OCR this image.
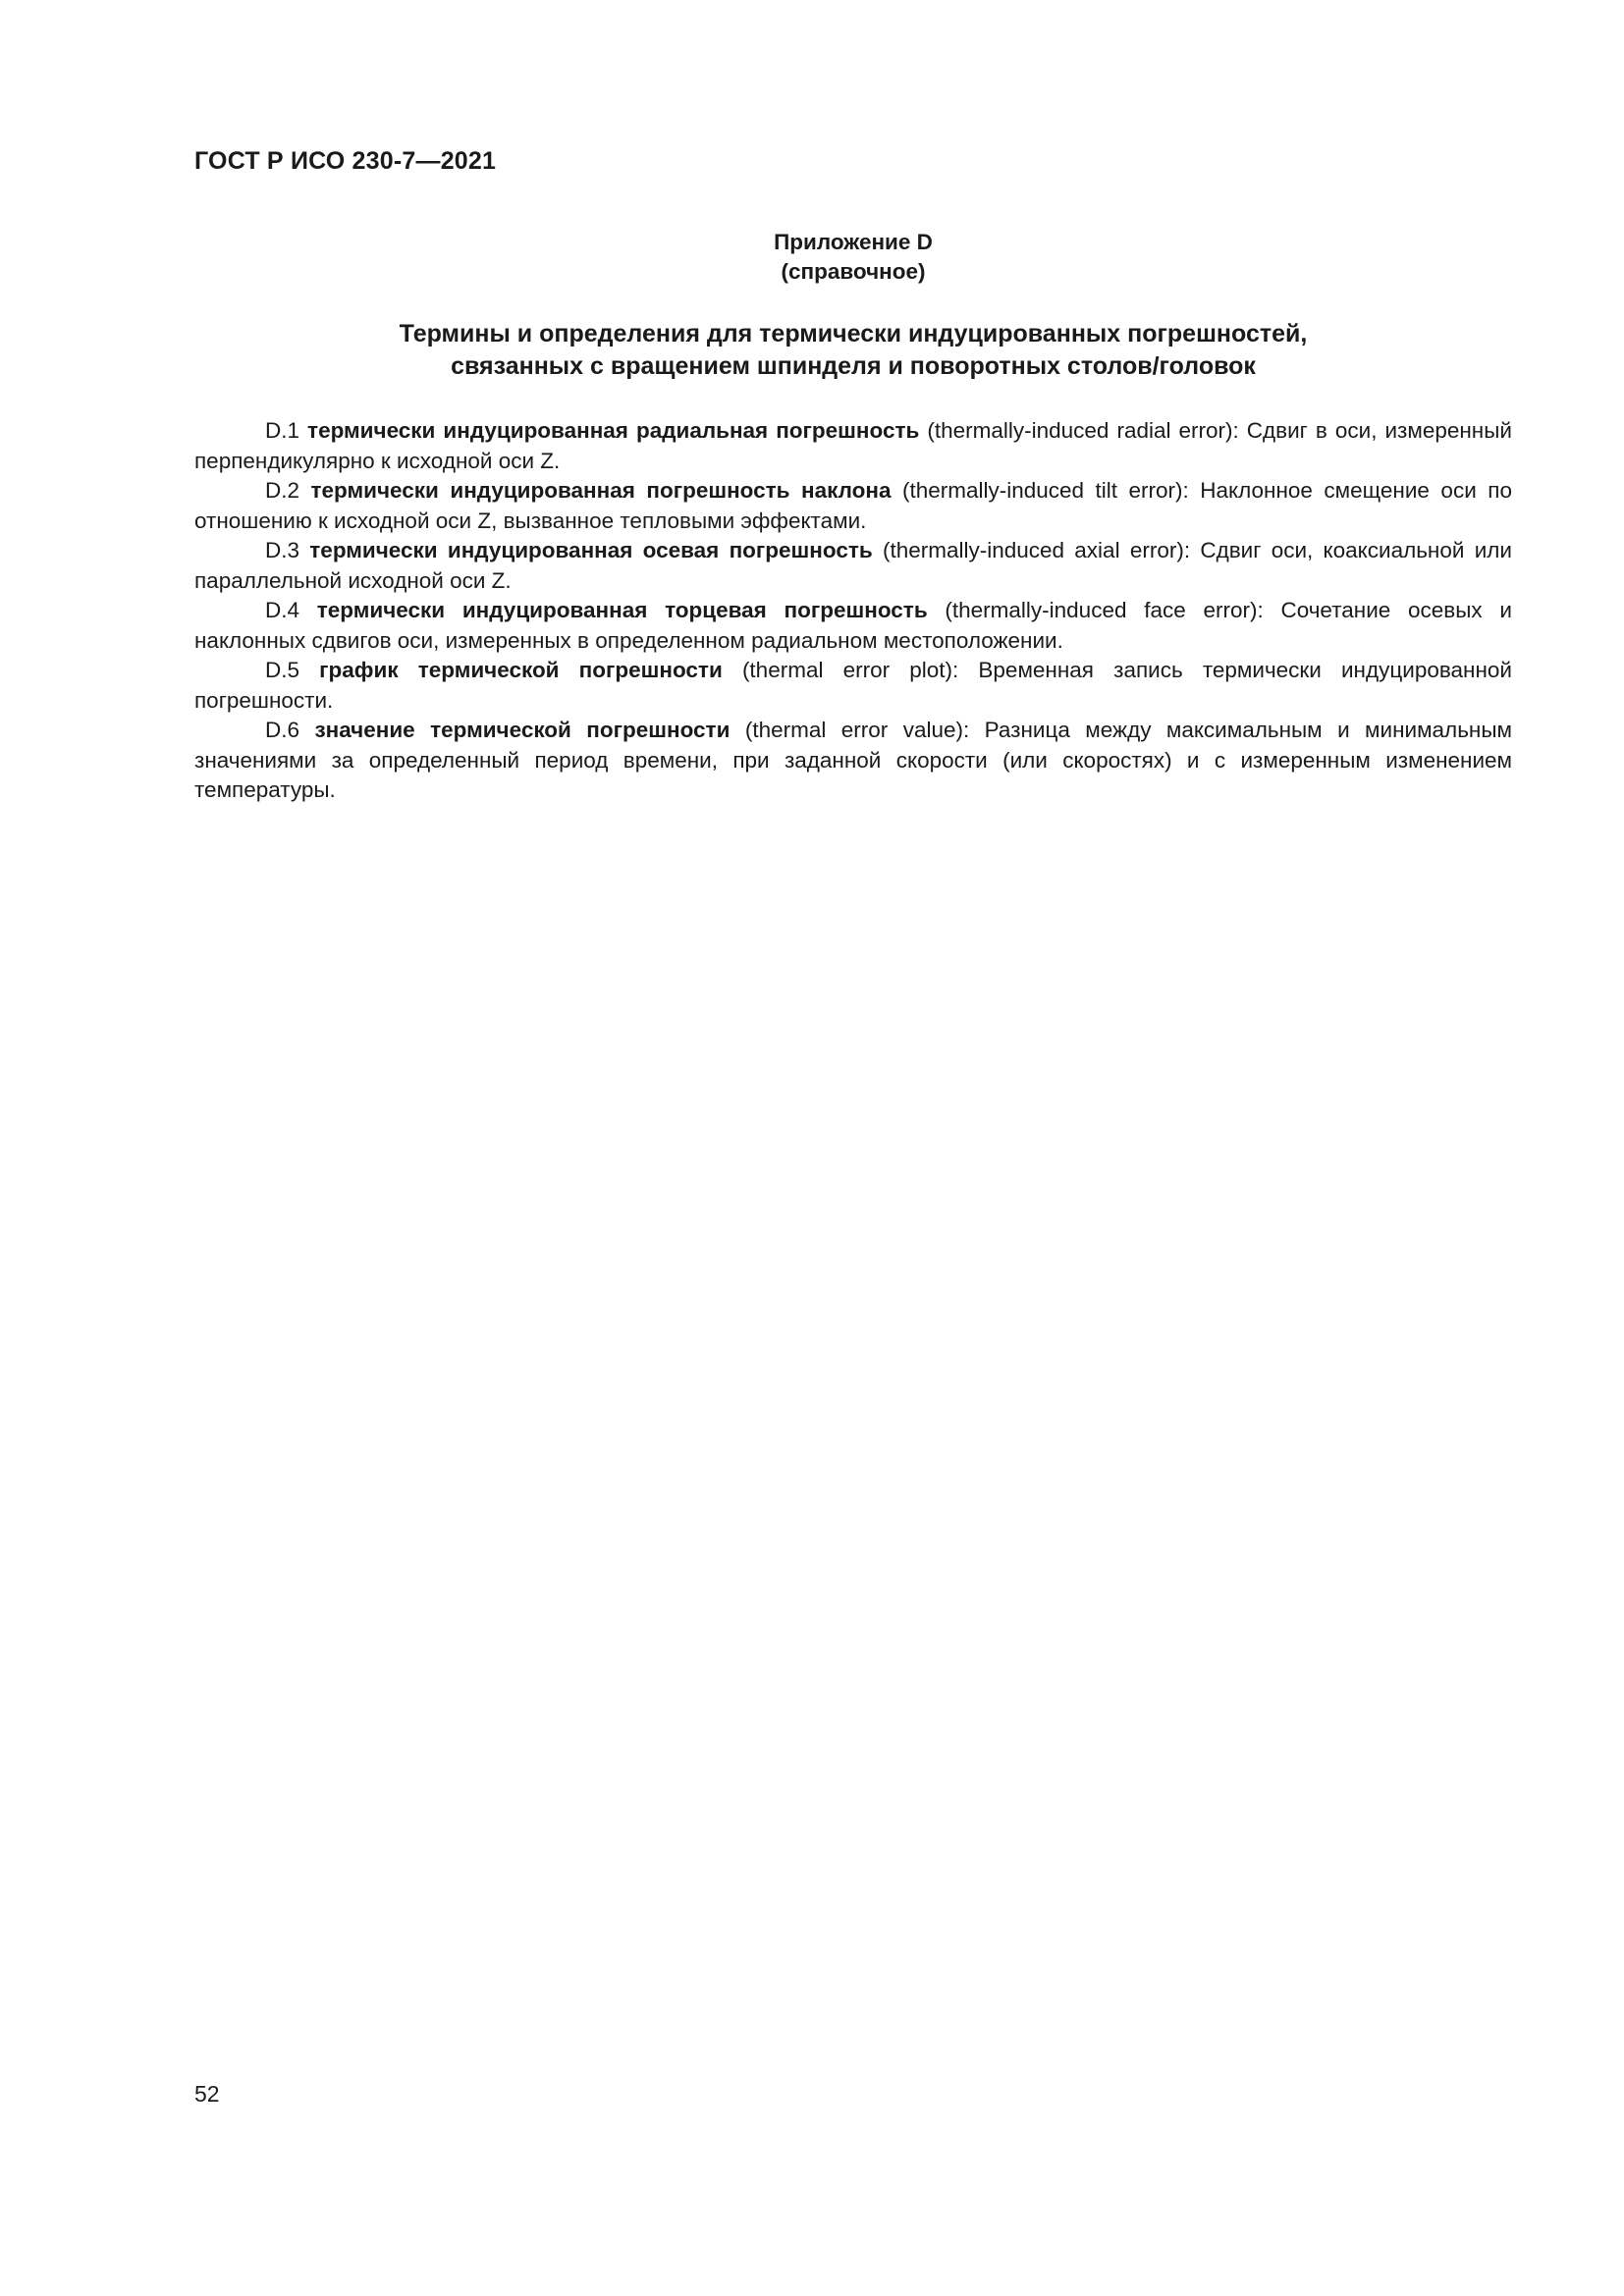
ГОСТ Р ИСО 230-7—2021
Приложение D
(справочное)
Термины и определения для термически индуцированных погрешностей,
связанных с вращением шпинделя и поворотных столов/головок

D.1 термически индуцированная радиальная погрешность (thermally-induced radial error): Сдвиг в оси, измеренный перпендикулярно к исходной оси Z.

D.2 термически индуцированная погрешность наклона (thermally-induced tilt error): Наклонное смещение оси по отношению к исходной оси Z, вызванное тепловыми эффектами.

D.3 термически индуцированная осевая погрешность (thermally-induced axial error): Сдвиг оси, коаксиальной или параллельной исходной оси Z.

D.4 термически индуцированная торцевая погрешность (thermally-induced face error): Сочетание осевых и наклонных сдвигов оси, измеренных в определенном радиальном местоположении.

D.5 график термической погрешности (thermal error plot): Временная запись термически индуцированной погрешности.

D.6 значение термической погрешности (thermal error value): Разница между максимальным и минимальным значениями за определенный период времени, при заданной скорости (или скоростях) и с измеренным изменением температуры.

52
